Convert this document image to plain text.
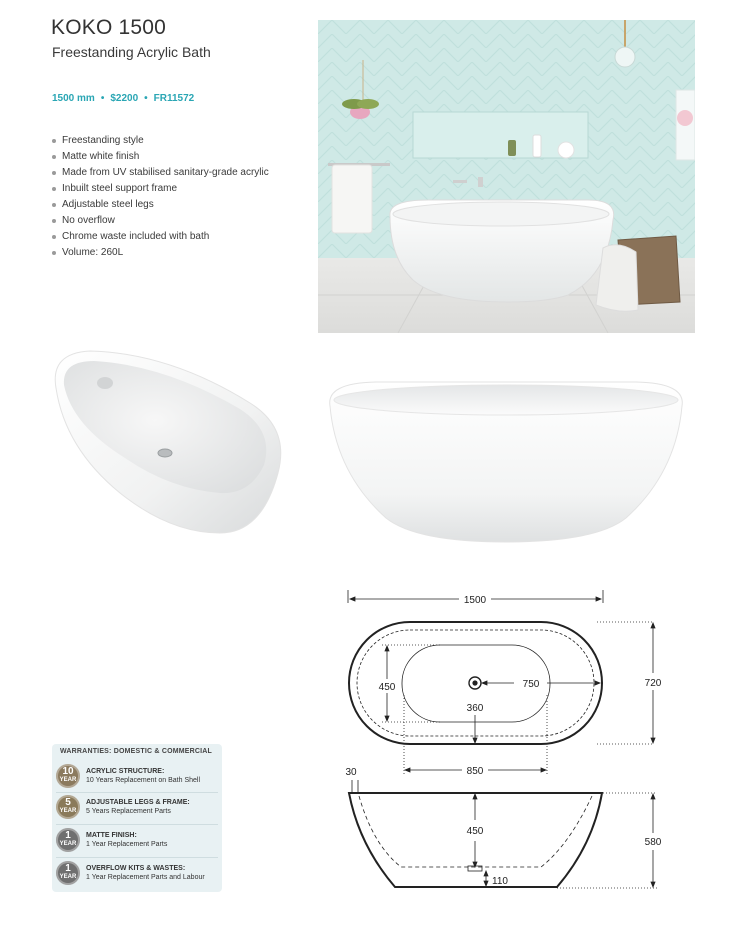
KOKO 1500
Freestanding Acrylic Bath
1500 mm • $2200 • FR11572
Freestanding style
Matte white finish
Made from UV stabilised sanitary-grade acrylic
Inbuilt steel support frame
Adjustable steel legs
No overflow
Chrome waste included with bath
Volume: 260L
1500
720
450	750
360
850
30
450
580
110
WARRANTIES: DOMESTIC & COMMERCIAL
10
YEAR
ACRYLIC STRUCTURE:
10 Years Replacement on Bath Shell
5
YEAR
ADJUSTABLE LEGS & FRAME:
5 Years Replacement Parts
1
YEAR
MATTE FINISH:
1 Year Replacement Parts
1
YEAR
OVERFLOW KITS & WASTES:
1 Year Replacement Parts and Labour
